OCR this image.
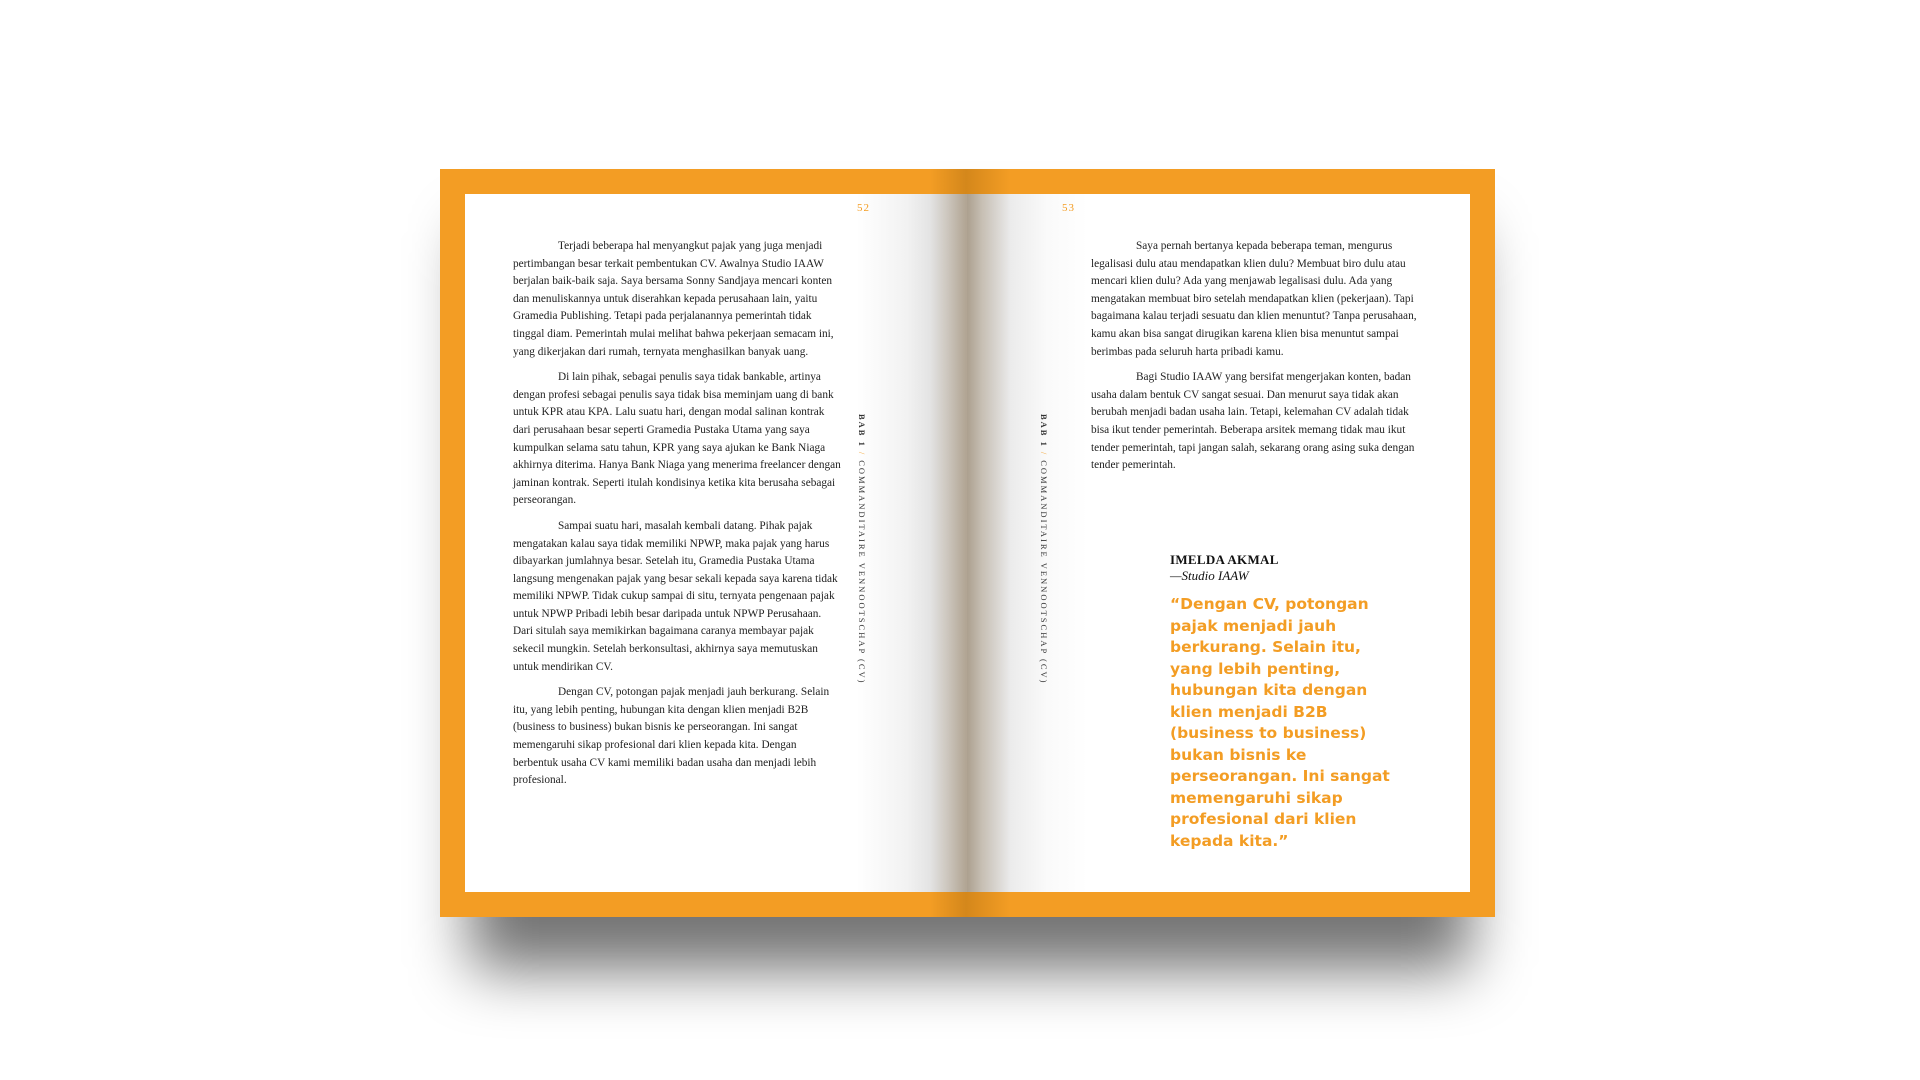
52

Terjadi beberapa hal menyangkut pajak yang juga menjadi pertimbangan besar terkait pembentukan CV. Awalnya Studio IAAW berjalan baik-baik saja. Saya bersama Sonny Sandjaya mencari konten dan menuliskannya untuk diserahkan kepada perusahaan lain, yaitu Gramedia Publishing. Tetapi pada perjalanannya pemerintah tidak tinggal diam. Pemerintah mulai melihat bahwa pekerjaan semacam ini, yang dikerjakan dari rumah, ternyata menghasilkan banyak uang.

Di lain pihak, sebagai penulis saya tidak bankable, artinya dengan profesi sebagai penulis saya tidak bisa meminjam uang di bank untuk KPR atau KPA. Lalu suatu hari, dengan modal salinan kontrak dari perusahaan besar seperti Gramedia Pustaka Utama yang saya kumpulkan selama satu tahun, KPR yang saya ajukan ke Bank Niaga akhirnya diterima. Hanya Bank Niaga yang menerima freelancer dengan jaminan kontrak. Seperti itulah kondisinya ketika kita berusaha sebagai perseorangan.

Sampai suatu hari, masalah kembali datang. Pihak pajak mengatakan kalau saya tidak memiliki NPWP, maka pajak yang harus dibayarkan jumlahnya besar. Setelah itu, Gramedia Pustaka Utama langsung mengenakan pajak yang besar sekali kepada saya karena tidak memiliki NPWP. Tidak cukup sampai di situ, ternyata pengenaan pajak untuk NPWP Pribadi lebih besar daripada untuk NPWP Perusahaan. Dari situlah saya memikirkan bagaimana caranya membayar pajak sekecil mungkin. Setelah berkonsultasi, akhirnya saya memutuskan untuk mendirikan CV.

Dengan CV, potongan pajak menjadi jauh berkurang. Selain itu, yang lebih penting, hubungan kita dengan klien menjadi B2B (business to business) bukan bisnis ke perseorangan. Ini sangat memengaruhi sikap profesional dari klien kepada kita. Dengan berbentuk usaha CV kami memiliki badan usaha dan menjadi lebih profesional.

BAB 1/COMMANDITAIRE VENNOOTSCHAP (CV)
53
BAB 1/COMMANDITAIRE VENNOOTSCHAP (CV)

Saya pernah bertanya kepada beberapa teman, mengurus legalisasi dulu atau mendapatkan klien dulu? Membuat biro dulu atau mencari klien dulu? Ada yang menjawab legalisasi dulu. Ada yang mengatakan membuat biro setelah mendapatkan klien (pekerjaan). Tapi bagaimana kalau terjadi sesuatu dan klien menuntut? Tanpa perusahaan, kamu akan bisa sangat dirugikan karena klien bisa menuntut sampai berimbas pada seluruh harta pribadi kamu.

Bagi Studio IAAW yang bersifat mengerjakan konten, badan usaha dalam bentuk CV sangat sesuai. Dan menurut saya tidak akan berubah menjadi badan usaha lain. Tetapi, kelemahan CV adalah tidak bisa ikut tender pemerintah. Beberapa arsitek memang tidak mau ikut tender pemerintah, tapi jangan salah, sekarang orang asing suka dengan tender pemerintah.

IMELDA AKMAL
—Studio IAAW
“Dengan CV, potongan pajak menjadi jauh berkurang. Selain itu, yang lebih penting, hubungan kita dengan klien menjadi B2B (business to business) bukan bisnis ke perseorangan. Ini sangat memengaruhi sikap profesional dari klien kepada kita.”
